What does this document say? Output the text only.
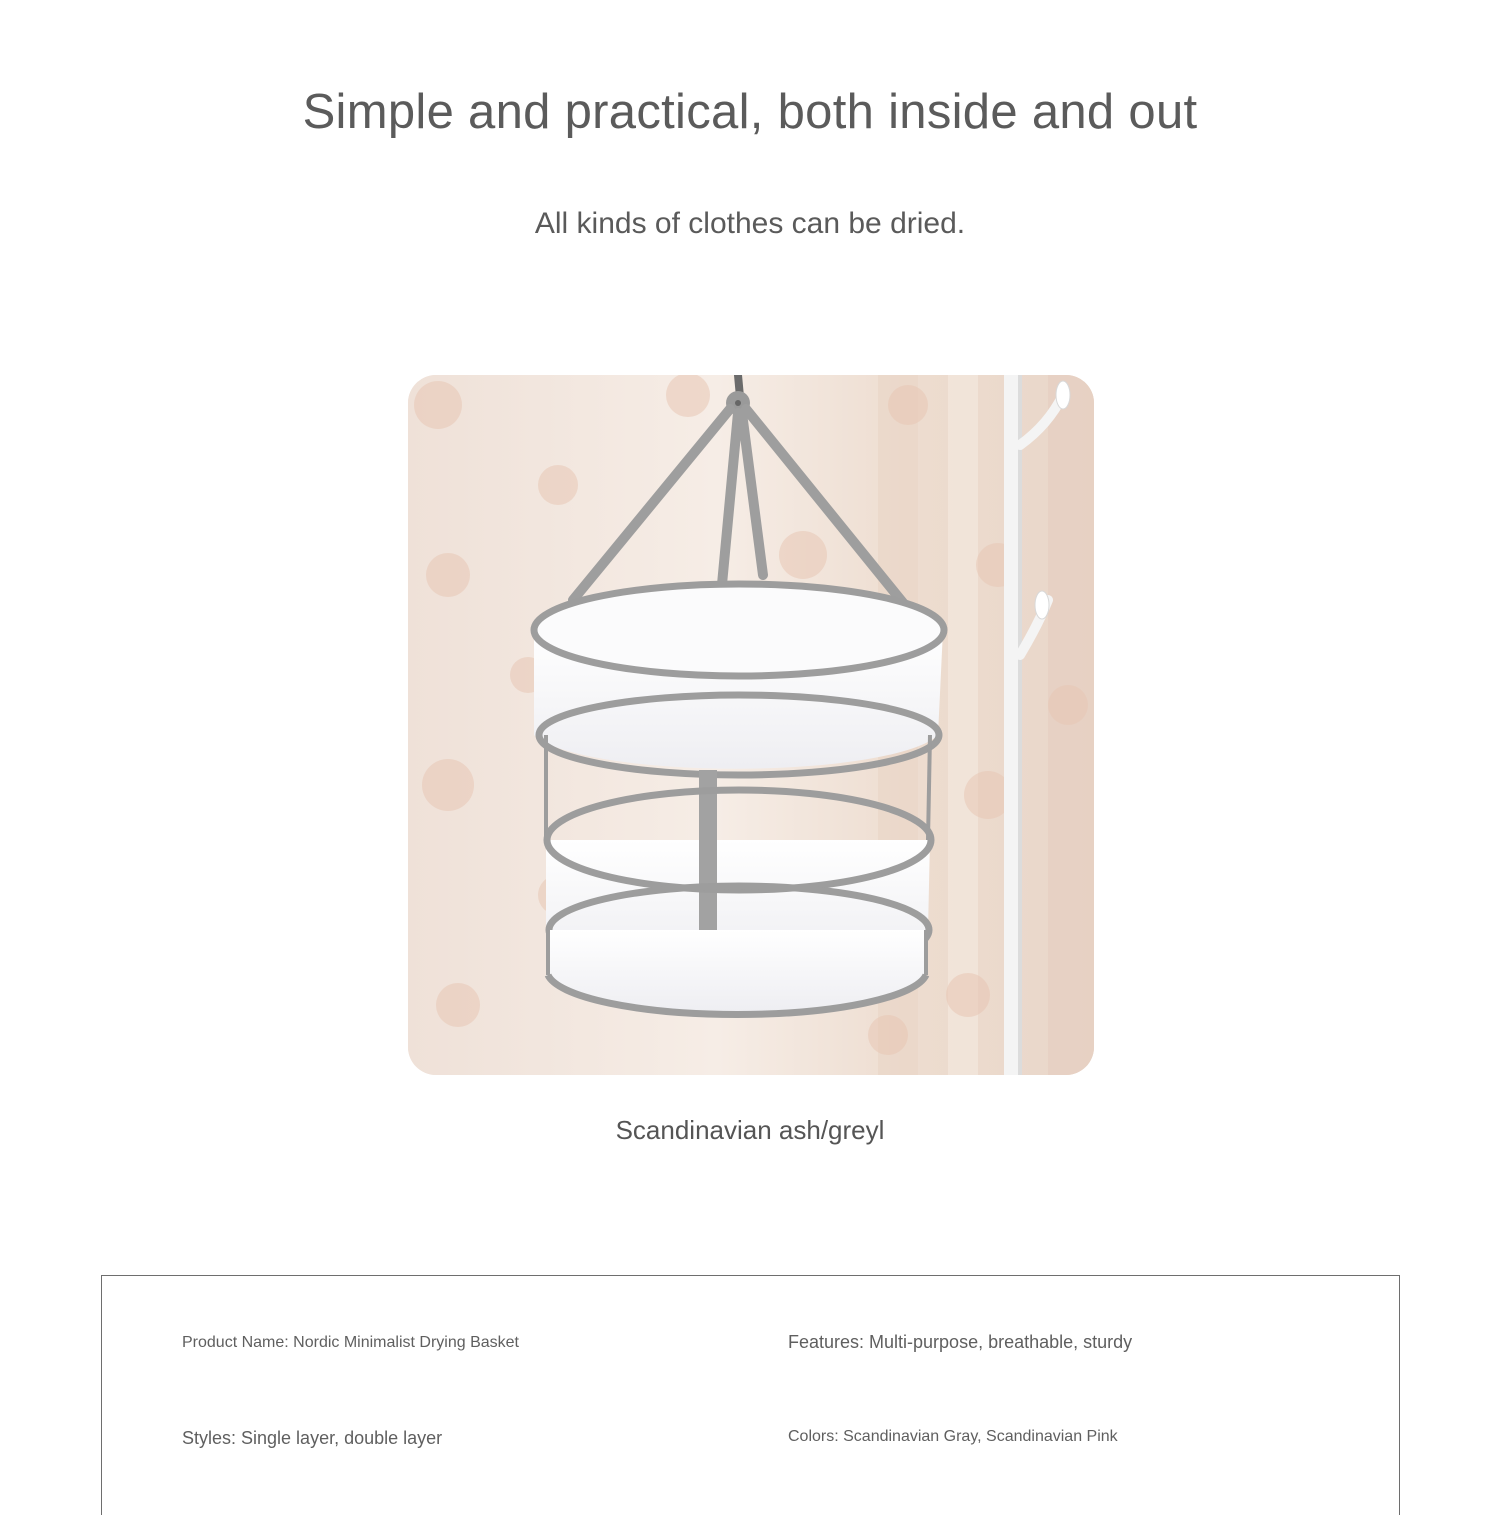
Simple and practical, both inside and out

All kinds of clothes can be dried.

Scandinavian ash/greyl

Product Name: Nordic Minimalist Drying Basket	Features: Multi-purpose, breathable, sturdy
Styles: Single layer, double layer	Colors: Scandinavian Gray, Scandinavian Pink
